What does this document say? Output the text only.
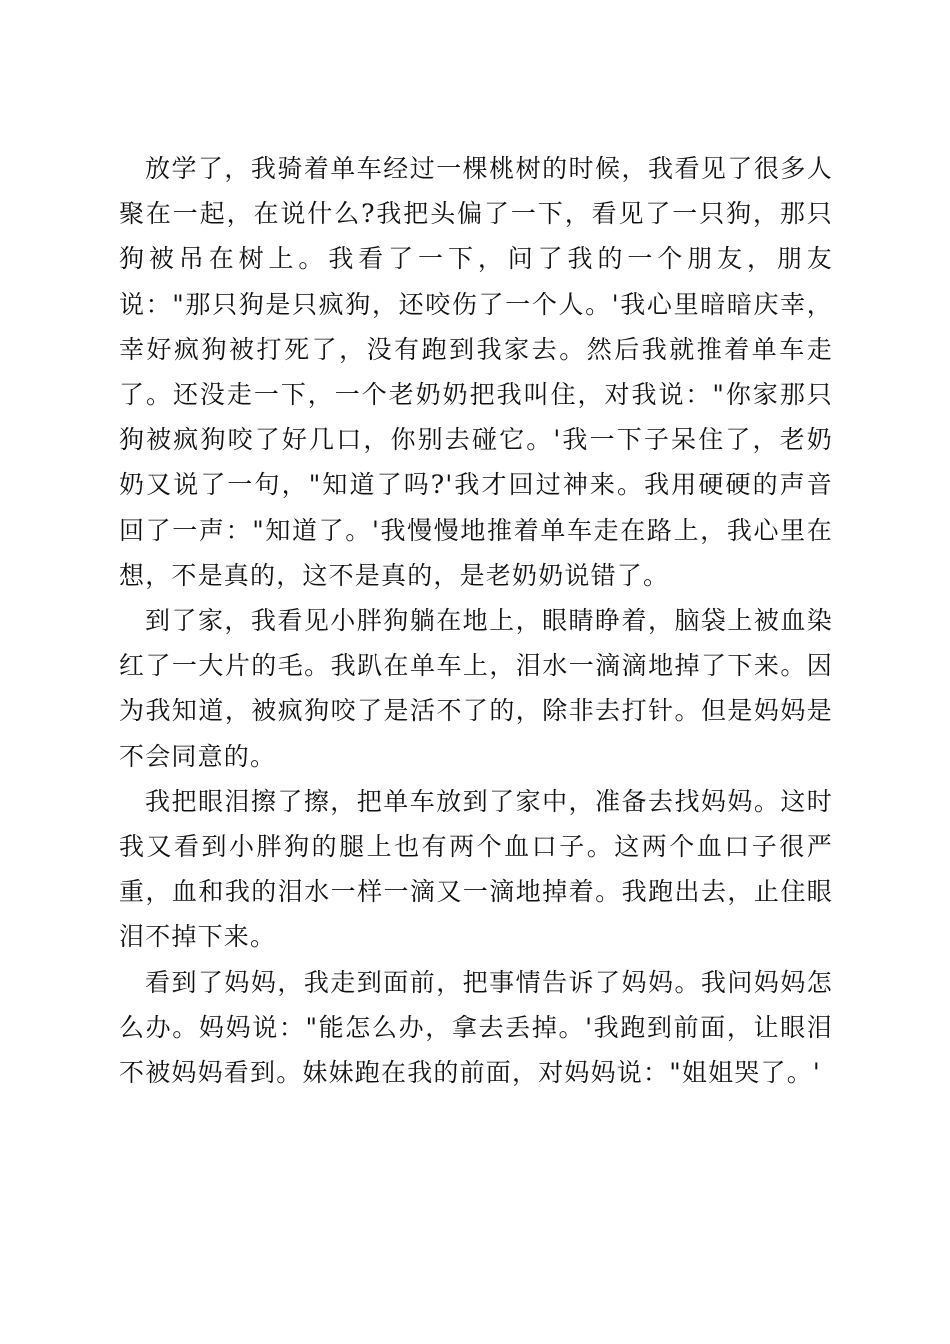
放学了，我骑着单车经过一棵桃树的时候，我看见了很多人聚在一起，在说什么?我把头偏了一下，看见了一只狗，那只狗被吊在树上。我看了一下，问了我的一个朋友，朋友说："那只狗是只疯狗，还咬伤了一个人。'我心里暗暗庆幸，幸好疯狗被打死了，没有跑到我家去。然后我就推着单车走了。还没走一下，一个老奶奶把我叫住，对我说："你家那只狗被疯狗咬了好几口，你别去碰它。'我一下子呆住了，老奶奶又说了一句，"知道了吗?'我才回过神来。我用硬硬的声音回了一声："知道了。'我慢慢地推着单车走在路上，我心里在想，不是真的，这不是真的，是老奶奶说错了。

到了家，我看见小胖狗躺在地上，眼睛睁着，脑袋上被血染红了一大片的毛。我趴在单车上，泪水一滴滴地掉了下来。因为我知道，被疯狗咬了是活不了的，除非去打针。但是妈妈是不会同意的。

我把眼泪擦了擦，把单车放到了家中，准备去找妈妈。这时我又看到小胖狗的腿上也有两个血口子。这两个血口子很严重，血和我的泪水一样一滴又一滴地掉着。我跑出去，止住眼泪不掉下来。

看到了妈妈，我走到面前，把事情告诉了妈妈。我问妈妈怎么办。妈妈说："能怎么办，拿去丢掉。'我跑到前面，让眼泪不被妈妈看到。妹妹跑在我的前面，对妈妈说："姐姐哭了。'
